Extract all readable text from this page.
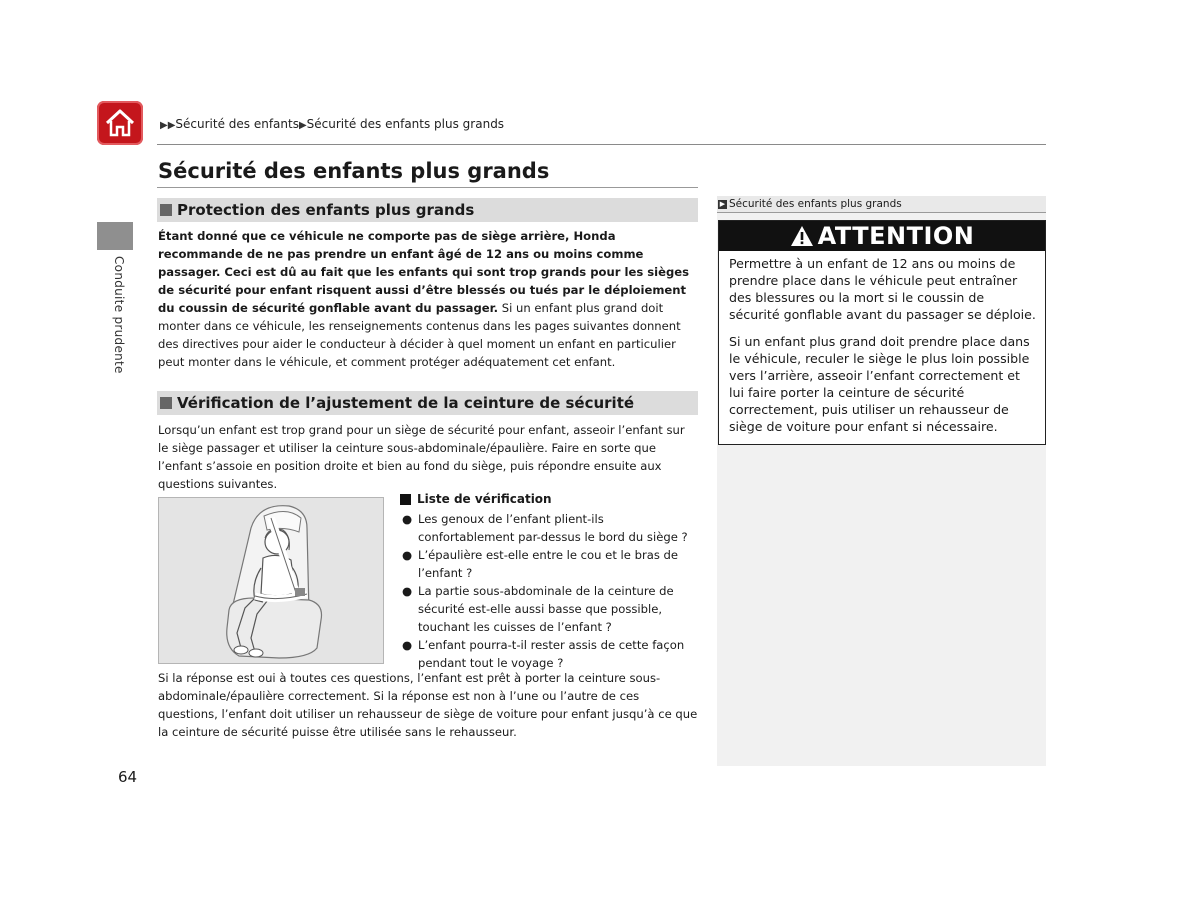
▶▶Sécurité des enfants▶Sécurité des enfants plus grands
Sécurité des enfants plus grands
Conduite prudente
Protection des enfants plus grands

Étant donné que ce véhicule ne comporte pas de siège arrière, Honda recommande de ne pas prendre un enfant âgé de 12 ans ou moins comme passager. Ceci est dû au fait que les enfants qui sont trop grands pour les sièges de sécurité pour enfant risquent aussi d’être blessés ou tués par le déploiement du coussin de sécurité gonflable avant du passager. Si un enfant plus grand doit monter dans ce véhicule, les renseignements contenus dans les pages suivantes donnent des directives pour aider le conducteur à décider à quel moment un enfant en particulier peut monter dans le véhicule, et comment protéger adéquatement cet enfant.

Vérification de l’ajustement de la ceinture de sécurité

Lorsqu’un enfant est trop grand pour un siège de sécurité pour enfant, asseoir l’enfant sur le siège passager et utiliser la ceinture sous-abdominale/épaulière. Faire en sorte que l’enfant s’assoie en position droite et bien au fond du siège, puis répondre ensuite aux questions suivantes.

Liste de vérification
● Les genoux de l’enfant plient-ils confortablement par-dessus le bord du siège ?
● L’épaulière est-elle entre le cou et le bras de l’enfant ?
● La partie sous-abdominale de la ceinture de sécurité est-elle aussi basse que possible, touchant les cuisses de l’enfant ?
● L’enfant pourra-t-il rester assis de cette façon pendant tout le voyage ?

Si la réponse est oui à toutes ces questions, l’enfant est prêt à porter la ceinture sous-abdominale/épaulière correctement. Si la réponse est non à l’une ou l’autre de ces questions, l’enfant doit utiliser un rehausseur de siège de voiture pour enfant jusqu’à ce que la ceinture de sécurité puisse être utilisée sans le rehausseur.

64
▶ Sécurité des enfants plus grands
ATTENTION

Permettre à un enfant de 12 ans ou moins de prendre place dans le véhicule peut entraîner des blessures ou la mort si le coussin de sécurité gonflable avant du passager se déploie.

Si un enfant plus grand doit prendre place dans le véhicule, reculer le siège le plus loin possible vers l’arrière, asseoir l’enfant correctement et lui faire porter la ceinture de sécurité correctement, puis utiliser un rehausseur de siège de voiture pour enfant si nécessaire.
